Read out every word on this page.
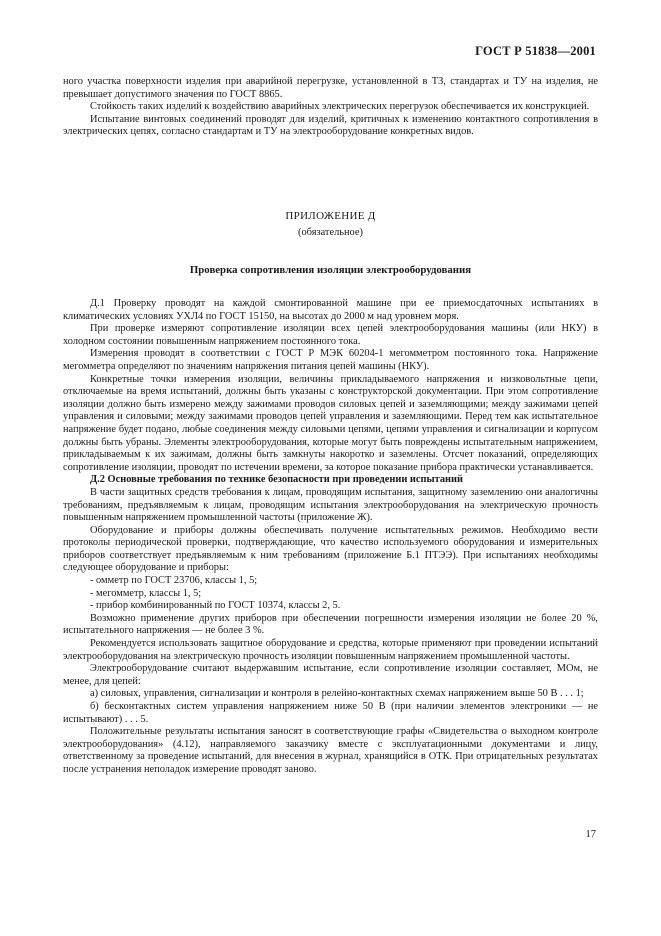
ГОСТ Р 51838—2001

ного участка поверхности изделия при аварийной перегрузке, установленной в ТЗ, стандартах и ТУ на изделия, не превышает допустимого значения по ГОСТ 8865.

Стойкость таких изделий к воздействию аварийных электрических перегрузок обеспечивается их конструкцией.

Испытание винтовых соединений проводят для изделий, критичных к изменению контактного сопротивления в электрических цепях, согласно стандартам и ТУ на электрооборудование конкретных видов.

ПРИЛОЖЕНИЕ Д
(обязательное)
Проверка сопротивления изоляции электрооборудования

Д.1 Проверку проводят на каждой смонтированной машине при ее приемосдаточных испытаниях в климатических условиях УХЛ4 по ГОСТ 15150, на высотах до 2000 м над уровнем моря.

При проверке измеряют сопротивление изоляции всех цепей электрооборудования машины (или НКУ) в холодном состоянии повышенным напряжением постоянного тока.

Измерения проводят в соответствии с ГОСТ Р МЭК 60204-1 мегомметром постоянного тока. Напряжение мегомметра определяют по значениям напряжения питания цепей машины (НКУ).

Конкретные точки измерения изоляции, величины прикладываемого напряжения и низковольтные цепи, отключаемые на время испытаний, должны быть указаны с конструкторской документации. При этом сопротивление изоляции должно быть измерено между зажимами проводов силовых цепей и заземляющими; между зажимами цепей управления и силовыми; между зажимами проводов цепей управления и заземляющими. Перед тем как испытательное напряжение будет подано, любые соединения между силовыми цепями, цепями управления и сигнализации и корпусом должны быть убраны. Элементы электрооборудования, которые могут быть повреждены испытательным напряжением, прикладываемым к их зажимам, должны быть замкнуты накоротко и заземлены. Отсчет показаний, определяющих сопротивление изоляции, проводят по истечении времени, за которое показание прибора практически устанавливается.

Д.2 Основные требования по технике безопасности при проведении испытаний

В части защитных средств требования к лицам, проводящим испытания, защитному заземлению они аналогичны требованиям, предъявляемым к лицам, проводящим испытания электрооборудования на электрическую прочность повышенным напряжением промышленной частоты (приложение Ж).

Оборудование и приборы должны обеспечивать получение испытательных режимов. Необходимо вести протоколы периодической проверки, подтверждающие, что качество используемого оборудования и измерительных приборов соответствует предъявляемым к ним требованиям (приложение Б.1 ПТЭЭ). При испытаниях необходимы следующее оборудование и приборы:

- омметр по ГОСТ 23706, классы 1, 5;

- мегомметр, классы 1, 5;

- прибор комбинированный по ГОСТ 10374, классы 2, 5.

Возможно применение других приборов при обеспечении погрешности измерения изоляции не более 20 %, испытательного напряжения — не более 3 %.

Рекомендуется использовать защитное оборудование и средства, которые применяют при проведении испытаний электрооборудования на электрическую прочность изоляции повышенным напряжением промышленной частоты.

Электрооборудование считают выдержавшим испытание, если сопротивление изоляции составляет, МОм, не менее, для цепей:

а) силовых, управления, сигнализации и контроля в релейно-контактных схемах напряжением выше 50 В . . . 1;

б) бесконтактных систем управления напряжением ниже 50 В (при наличии элементов электроники — не испытывают) . . . 5.

Положительные результаты испытания заносят в соответствующие графы «Свидетельства о выходном контроле электрооборудования» (4.12), направляемого заказчику вместе с эксплуатационными документами и лицу, ответственному за проведение испытаний, для внесения в журнал, хранящийся в ОТК. При отрицательных результатах после устранения неполадок измерение проводят заново.

17
